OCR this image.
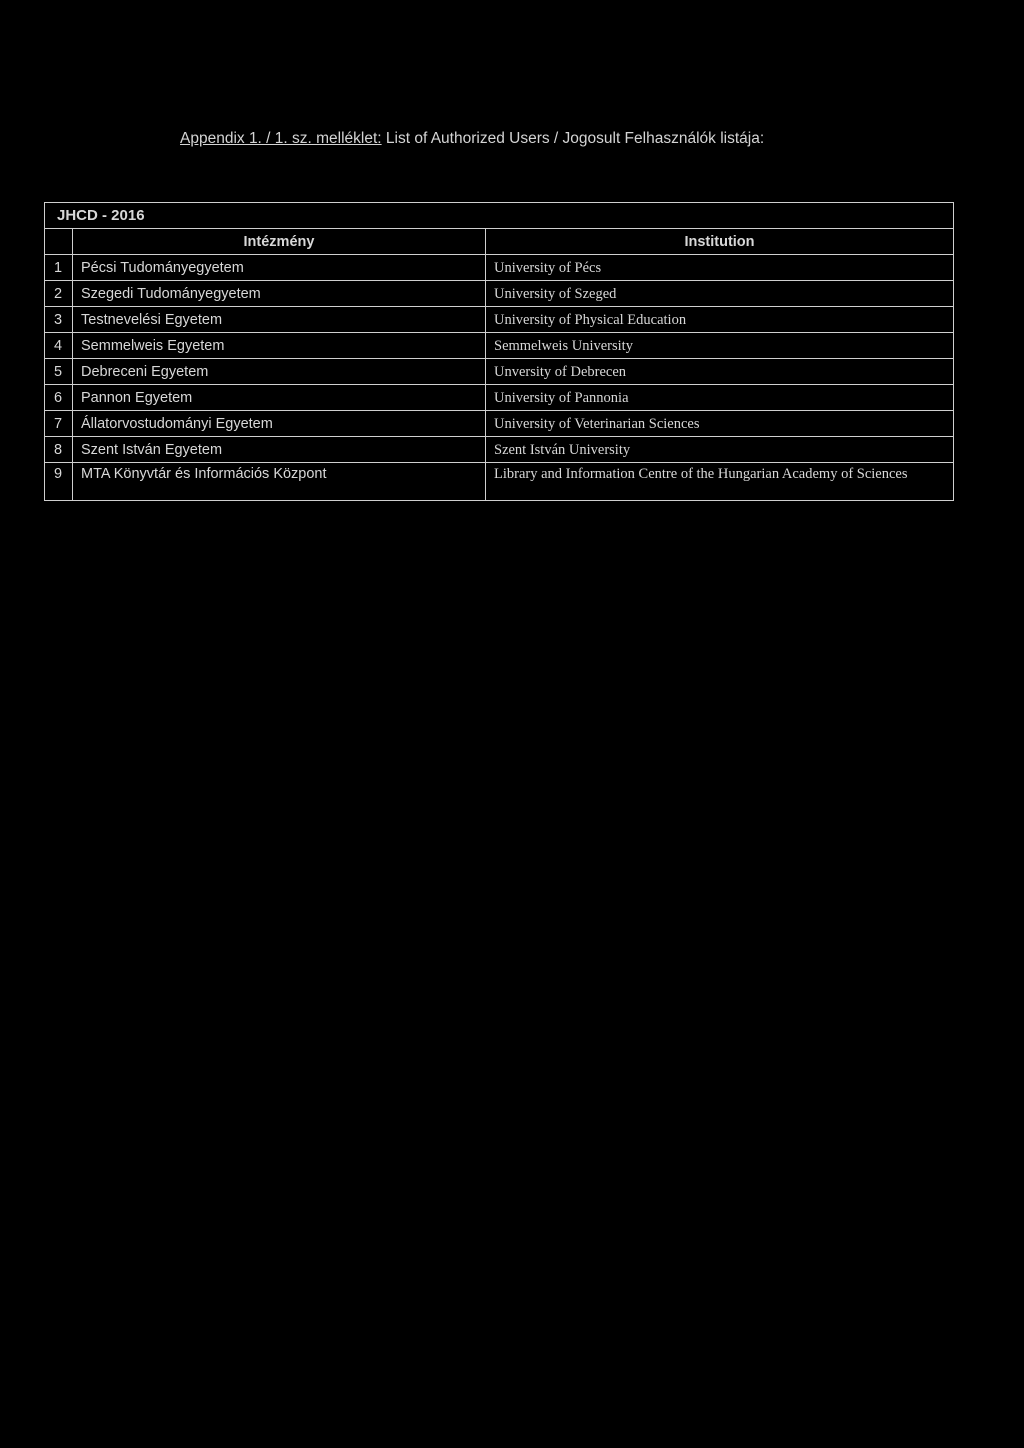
Appendix 1. / 1. sz. melléklet: List of Authorized Users / Jogosult Felhasználók listája:
JHCD - 2016		
	Intézmény	Institution
1	Pécsi Tudományegyetem	University of Pécs
2	Szegedi Tudományegyetem	University of Szeged
3	Testnevelési Egyetem	University of Physical Education
4	Semmelweis Egyetem	Semmelweis University
5	Debreceni Egyetem	Unversity of Debrecen
6	Pannon Egyetem	University of Pannonia
7	Állatorvostudományi Egyetem	University of Veterinarian Sciences
8	Szent István Egyetem	Szent István University
9	MTA Könyvtár és Információs Központ	Library and Information Centre of the Hungarian Academy of Sciences
